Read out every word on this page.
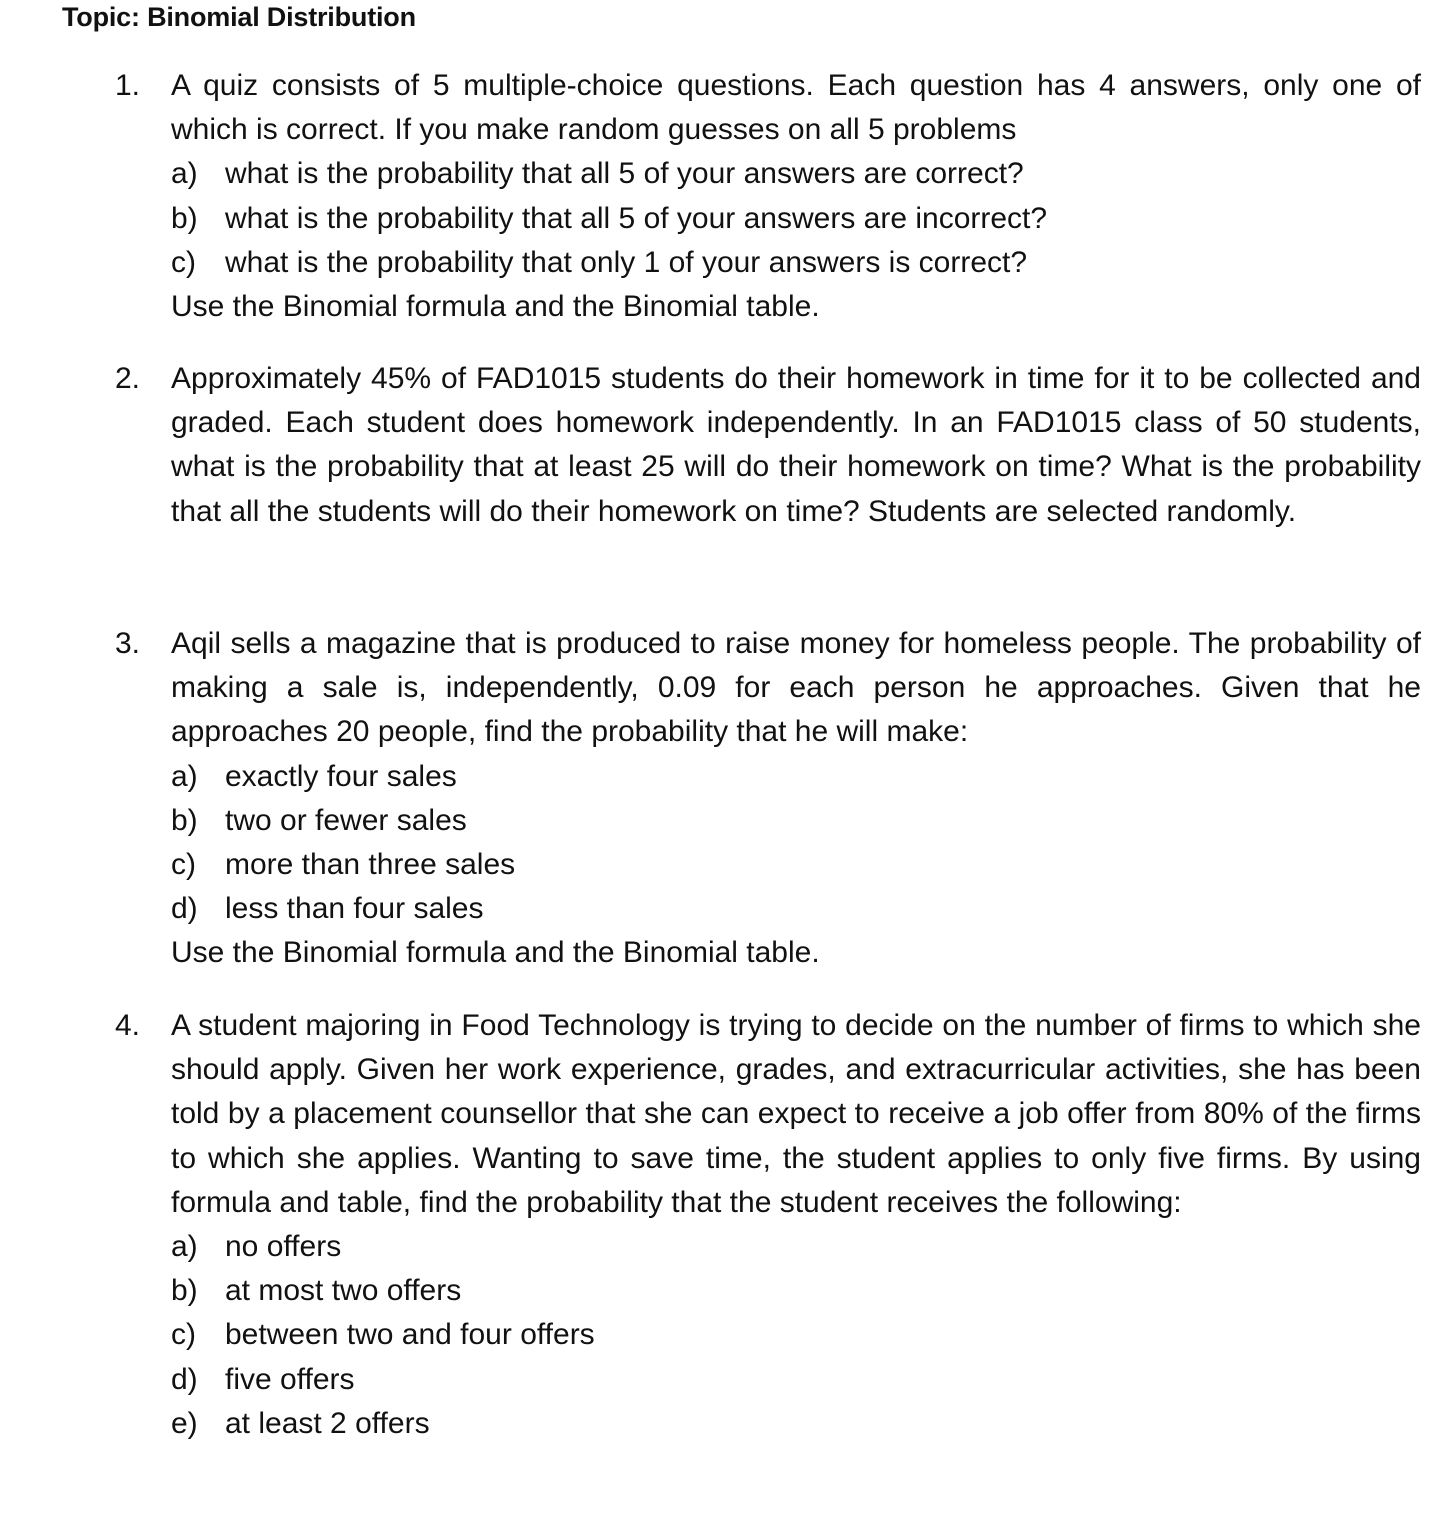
Topic: Binomial Distribution
1.	A quiz consists of 5 multiple-choice questions. Each question has 4 answers, only one of which is correct. If you make random guesses on all 5 problems
a) what is the probability that all 5 of your answers are correct?
b) what is the probability that all 5 of your answers are incorrect?
c) what is the probability that only 1 of your answers is correct?
Use the Binomial formula and the Binomial table.
2.	Approximately 45% of FAD1015 students do their homework in time for it to be collected and graded. Each student does homework independently. In an FAD1015 class of 50 students, what is the probability that at least 25 will do their homework on time? What is the probability that all the students will do their homework on time? Students are selected randomly.
3.	Aqil sells a magazine that is produced to raise money for homeless people. The probability of making a sale is, independently, 0.09 for each person he approaches. Given that he approaches 20 people, find the probability that he will make:
a) exactly four sales
b) two or fewer sales
c) more than three sales
d) less than four sales
Use the Binomial formula and the Binomial table.
4.	A student majoring in Food Technology is trying to decide on the number of firms to which she should apply. Given her work experience, grades, and extracurricular activities, she has been told by a placement counsellor that she can expect to receive a job offer from 80% of the firms to which she applies. Wanting to save time, the student applies to only five firms. By using formula and table, find the probability that the student receives the following:
a) no offers
b) at most two offers
c) between two and four offers
d) five offers
e) at least 2 offers
